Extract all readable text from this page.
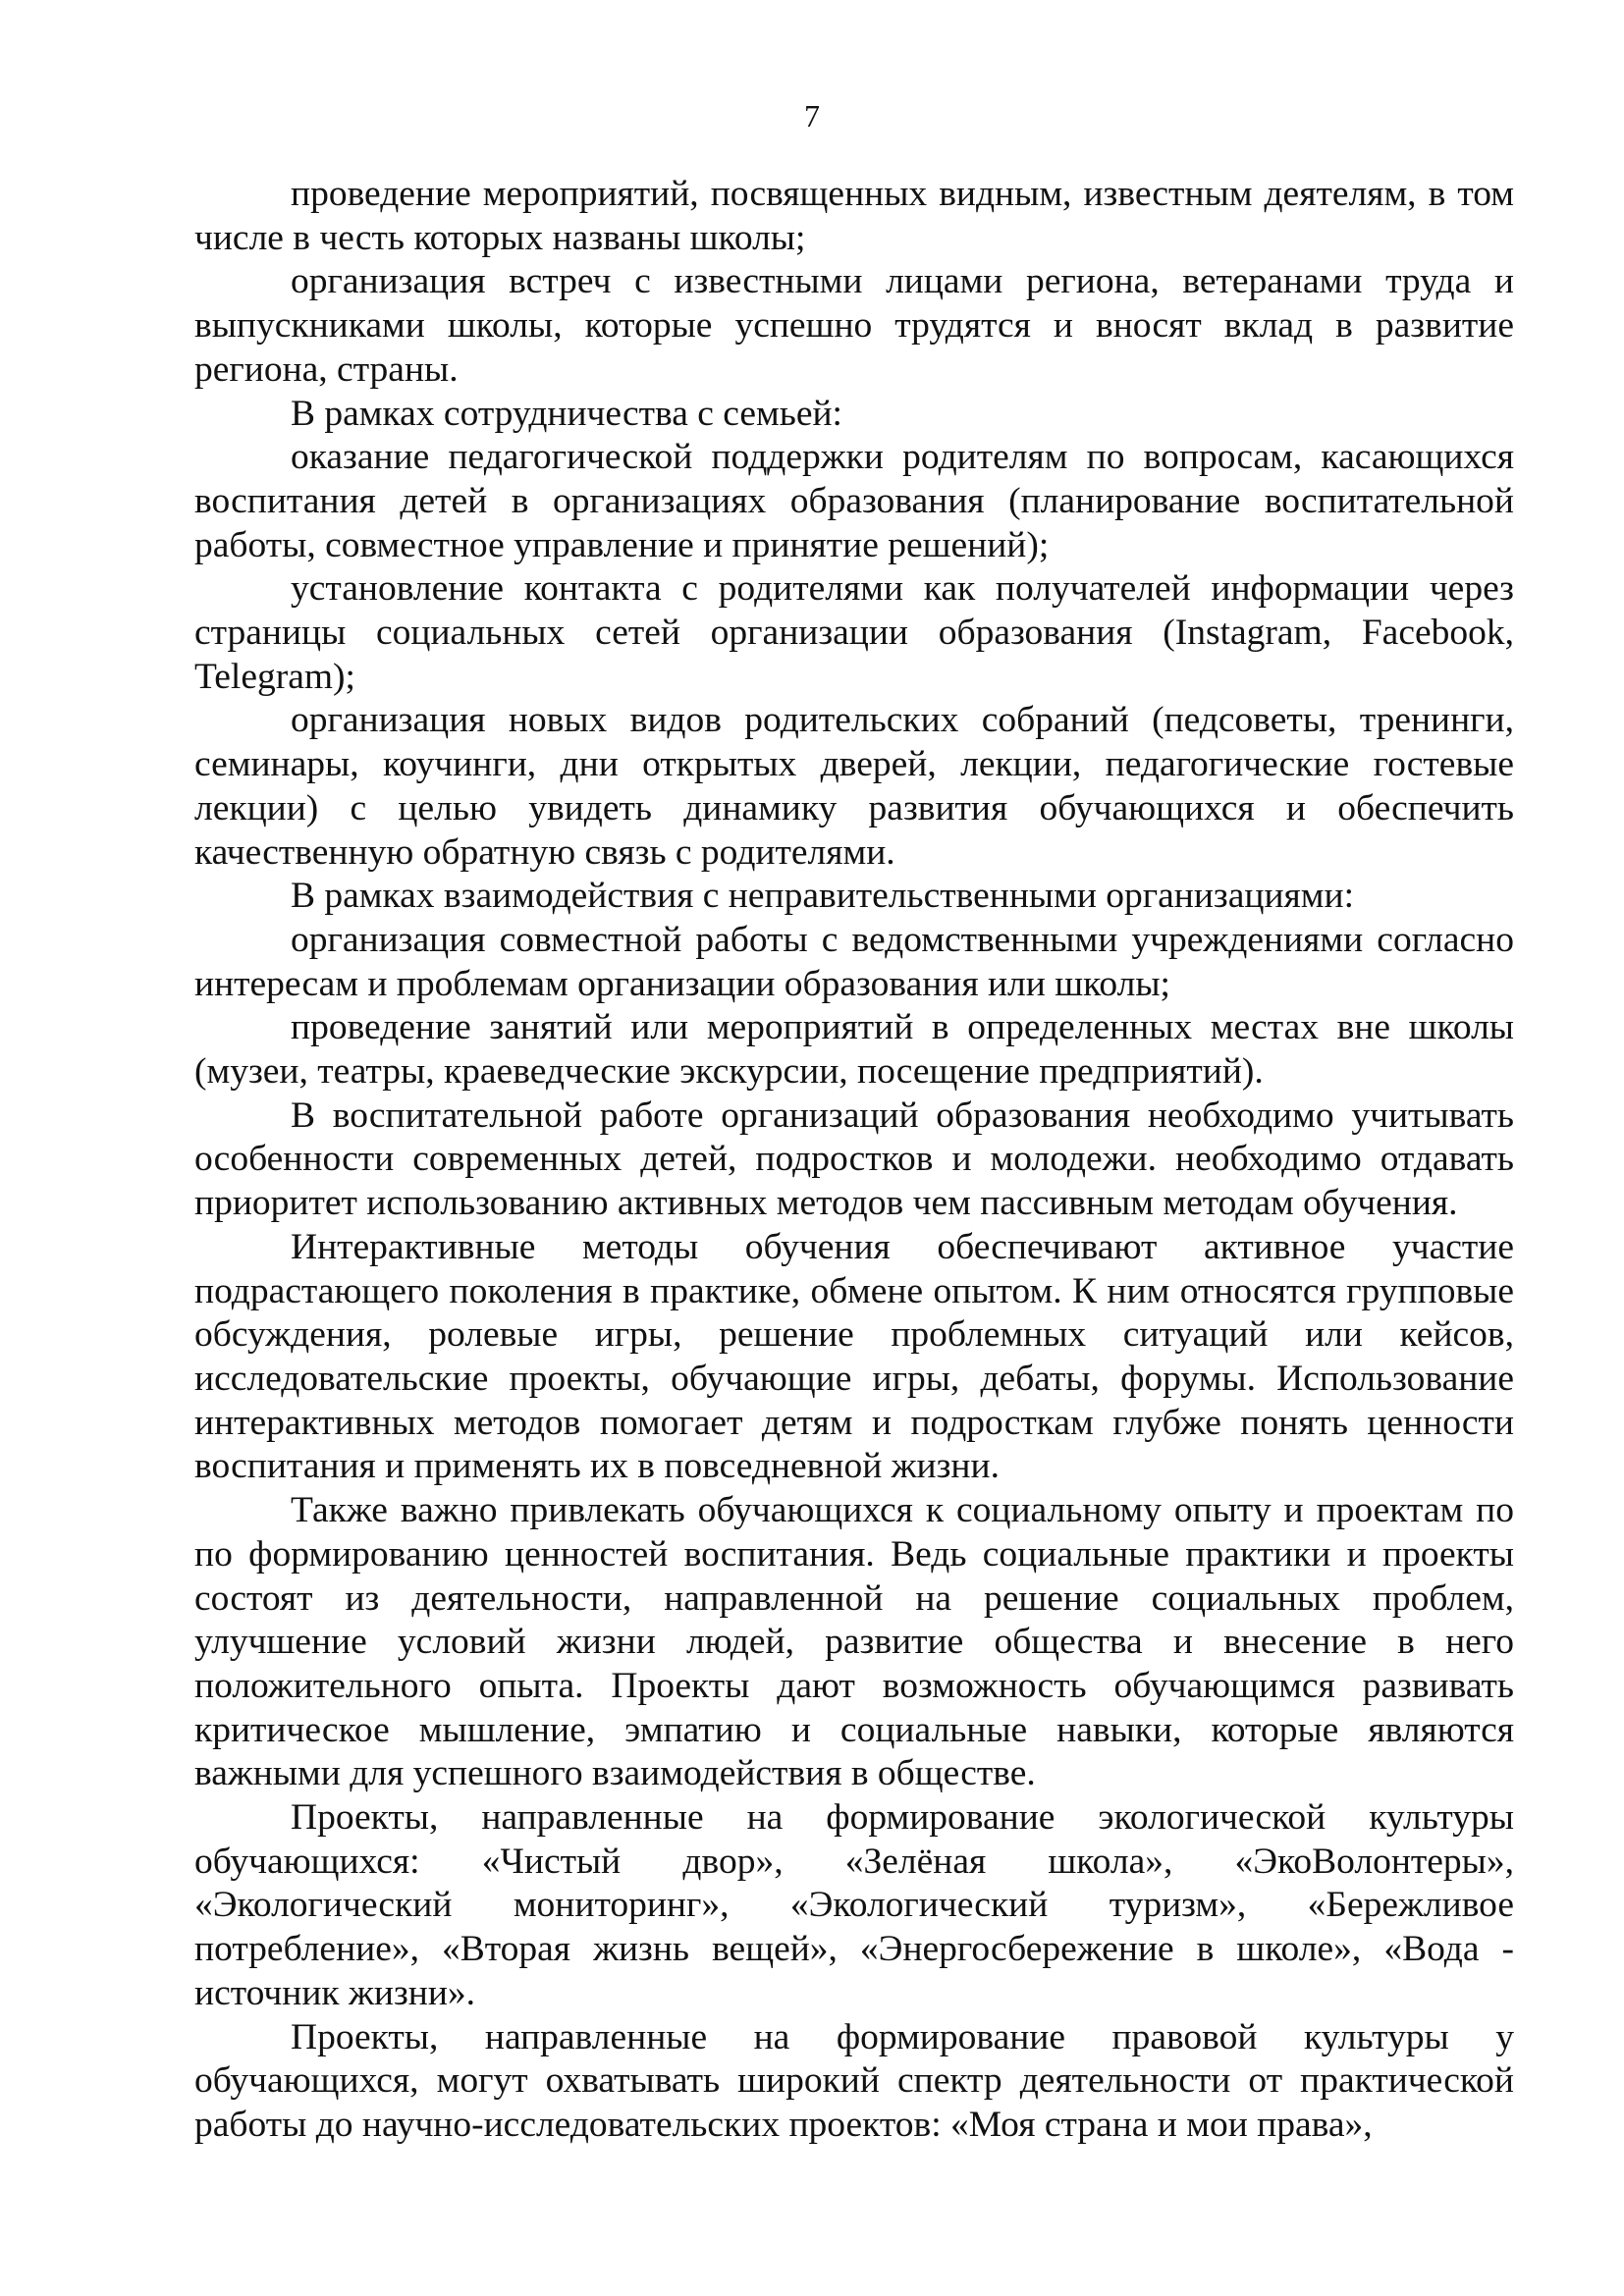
7

проведение мероприятий, посвященных видным, известным деятелям, в том числе в честь которых названы школы;

организация встреч с известными лицами региона, ветеранами труда и выпускниками школы, которые успешно трудятся и вносят вклад в развитие региона, страны.

В рамках сотрудничества с семьей:

оказание педагогической поддержки родителям по вопросам, касающихся воспитания детей в организациях образования (планирование воспитательной работы, совместное управление и принятие решений);

установление контакта с родителями как получателей информации через страницы социальных сетей организации образования (Instagram, Facebook, Telegram);

организация новых видов родительских собраний (педсоветы, тренинги, семинары, коучинги, дни открытых дверей, лекции, педагогические гостевые лекции) с целью увидеть динамику развития обучающихся и обеспечить качественную обратную связь с родителями.

В рамках взаимодействия с неправительственными организациями:

организация совместной работы с ведомственными учреждениями согласно интересам и проблемам организации образования или школы;

проведение занятий или мероприятий в определенных местах вне школы (музеи, театры, краеведческие экскурсии, посещение предприятий).

В воспитательной работе организаций образования необходимо учитывать особенности современных детей, подростков и молодежи. необходимо отдавать приоритет использованию активных методов чем пассивным методам обучения.

Интерактивные методы обучения обеспечивают активное участие подрастающего поколения в практике, обмене опытом. К ним относятся групповые обсуждения, ролевые игры, решение проблемных ситуаций или кейсов, исследовательские проекты, обучающие игры, дебаты, форумы. Использование интерактивных методов помогает детям и подросткам глубже понять ценности воспитания и применять их в повседневной жизни.

Также важно привлекать обучающихся к социальному опыту и проектам по по формированию ценностей воспитания. Ведь социальные практики и проекты состоят из деятельности, направленной на решение социальных проблем, улучшение условий жизни людей, развитие общества и внесение в него положительного опыта. Проекты дают возможность обучающимся развивать критическое мышление, эмпатию и социальные навыки, которые являются важными для успешного взаимодействия в обществе.

Проекты, направленные на формирование экологической культуры обучающихся: «Чистый двор», «Зелёная школа», «ЭкоВолонтеры», «Экологический мониторинг», «Экологический туризм», «Бережливое потребление», «Вторая жизнь вещей», «Энергосбережение в школе», «Вода - источник жизни».

Проекты, направленные на формирование правовой культуры у обучающихся, могут охватывать широкий спектр деятельности от практической работы до научно-исследовательских проектов: «Моя страна и мои права»,
